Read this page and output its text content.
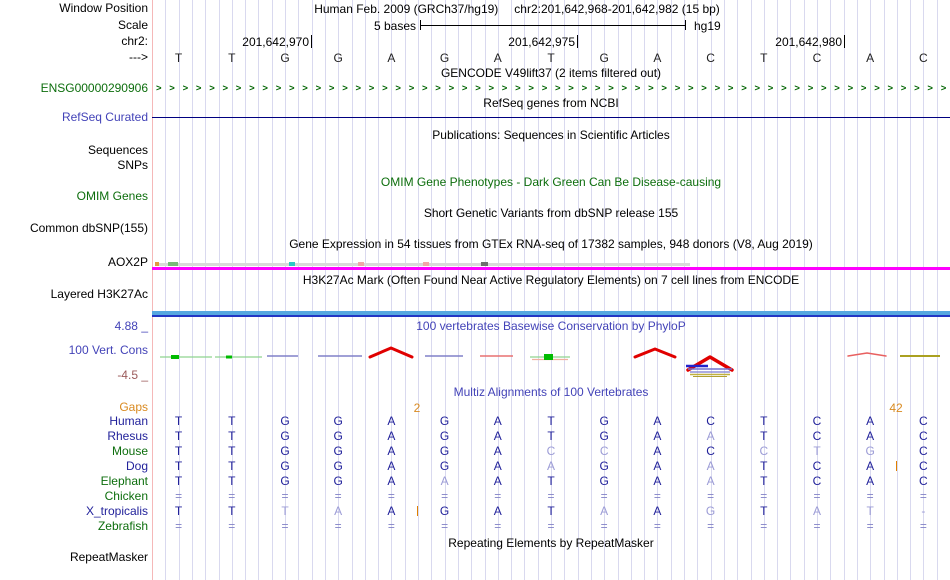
Window Position
Scale
chr2:
--->
Human Feb. 2009 (GRCh37/hg19) chr2:201,642,968-201,642,982 (15 bp)
5 bases	hg19
GENCODE V49lift37 (2 items filtered out)
RefSeq genes from NCBI
Publications: Sequences in Scientific Articles
OMIM Gene Phenotypes - Dark Green Can Be Disease-causing
Short Genetic Variants from dbSNP release 155
Gene Expression in 54 tissues from GTEx RNA-seq of 17382 samples, 948 donors (V8, Aug 2019)
H3K27Ac Mark (Often Found Near Active Regulatory Elements) on 7 cell lines from ENCODE
100 vertebrates Basewise Conservation by PhyloP
Multiz Alignments of 100 Vertebrates
Repeating Elements by RepeatMasker
ENSG00000290906
RefSeq Curated
Sequences
SNPs
OMIM Genes
Common dbSNP(155)
AOX2P
Layered H3K27Ac
4.88 _
100 Vert. Cons
-4.5 _
Gaps
RepeatMasker
201,642,970	201,642,975	201,642,980
T	T	G	G	A	G	A	T	G	A	C	T	C	A	C
> > > > > > > > > > > > > > > > > > > > > > > > > > > > > > > > > > > > > > > > > > > > > > > > > > > > > > > > > > > >
2	42
Human	T	T	G	G	A	G	A	T	G	A	C	T	C	A	C
Rhesus	T	T	G	G	A	G	A	T	G	A	A	T	C	A	C
Mouse	T	T	G	G	A	G	A	C	C	A	C	C	T	G	C
Dog	T	T	G	G	A	G	A	A	G	A	A	T	C	A	C
Elephant	T	T	G	G	A	A	A	T	G	A	A	T	C	A	C
Chicken	=	=	=	=	=	=	=	=	=	=	=	=	=	=	=
X_tropicalis	T	T	T	A	A	G	A	T	A	A	G	T	A	T	-
Zebrafish	=	=	=	=	=	=	=	=	=	=	=	=	=	=	=
